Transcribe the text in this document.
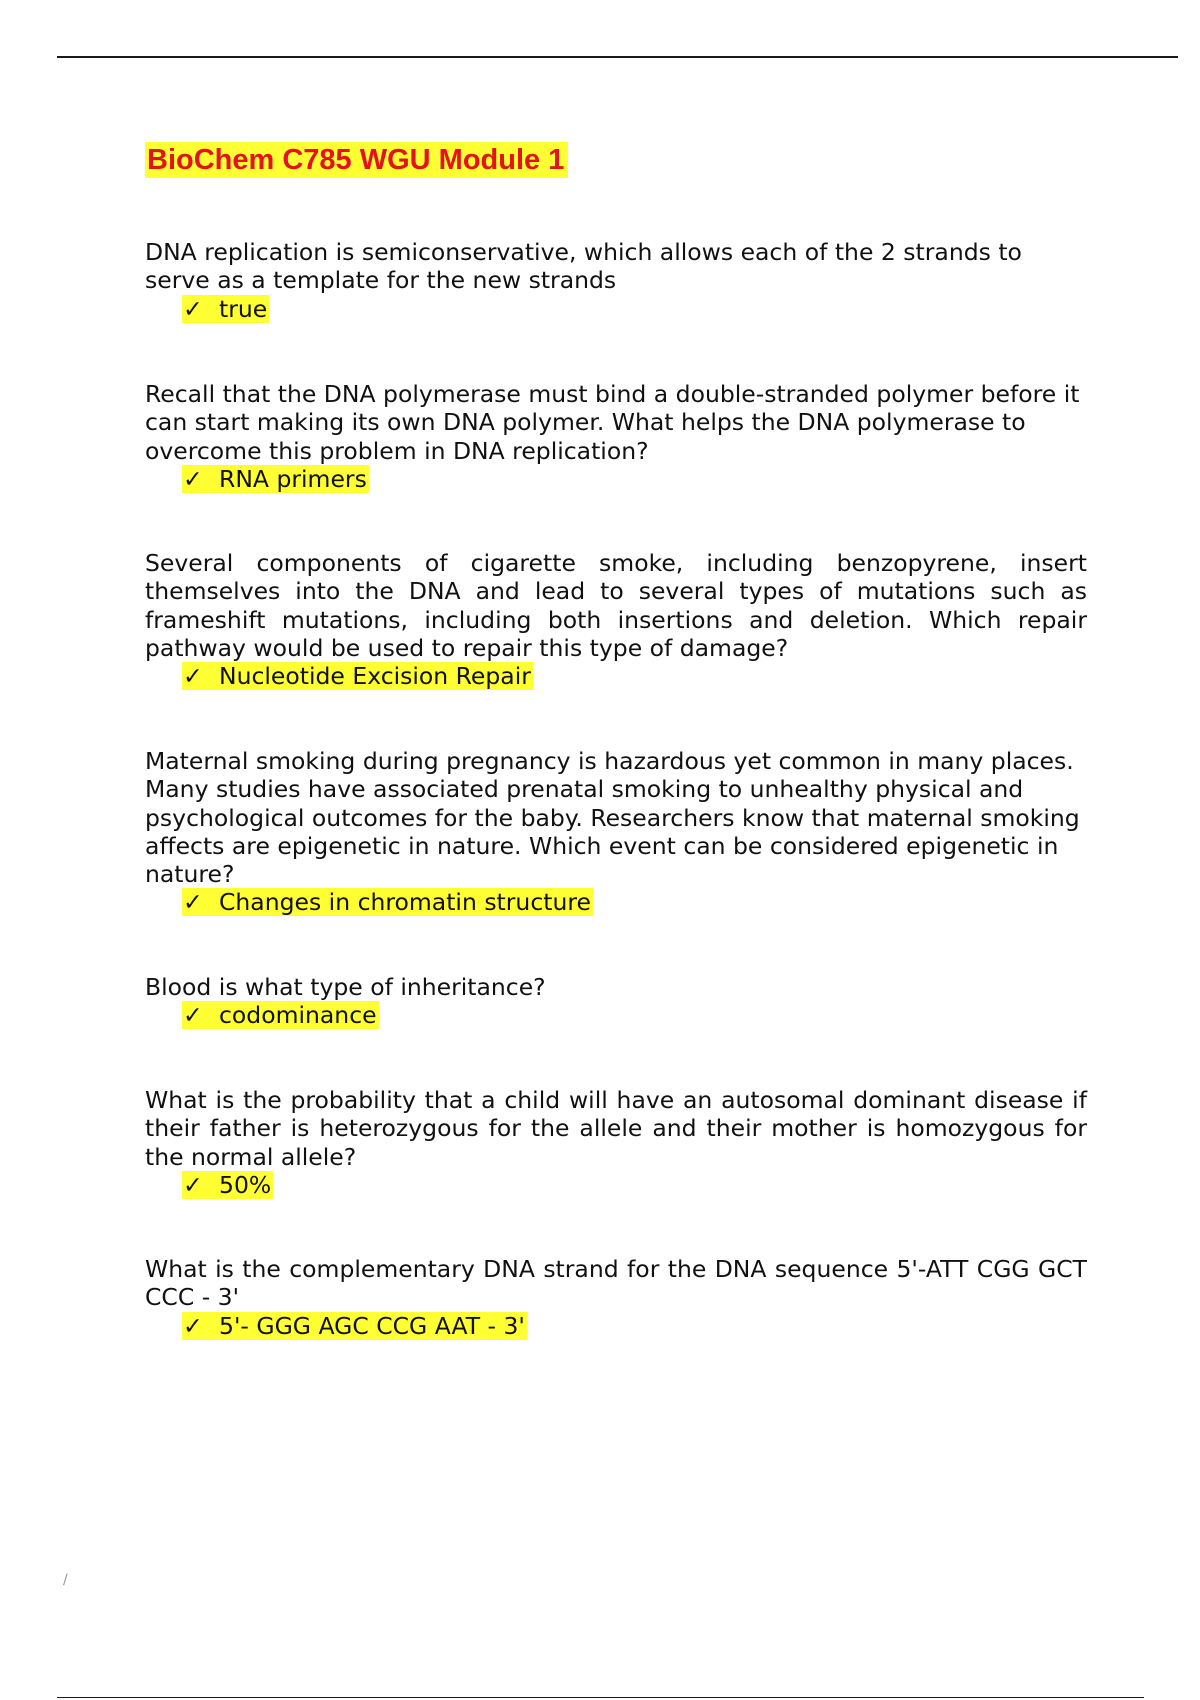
BioChem C785 WGU Module 1

DNA replication is semiconservative, which allows each of the 2 strands to serve as a template for the new strands

✓ true

Recall that the DNA polymerase must bind a double-stranded polymer before it can start making its own DNA polymer. What helps the DNA polymerase to overcome this problem in DNA replication?

✓ RNA primers

Several components of cigarette smoke, including benzopyrene, insert themselves into the DNA and lead to several types of mutations such as frameshift mutations, including both insertions and deletion. Which repair pathway would be used to repair this type of damage?

✓ Nucleotide Excision Repair

Maternal smoking during pregnancy is hazardous yet common in many places. Many studies have associated prenatal smoking to unhealthy physical and psychological outcomes for the baby. Researchers know that maternal smoking affects are epigenetic in nature. Which event can be considered epigenetic in nature?

✓ Changes in chromatin structure

Blood is what type of inheritance?

✓ codominance

What is the probability that a child will have an autosomal dominant disease if their father is heterozygous for the allele and their mother is homozygous for the normal allele?

✓ 50%

What is the complementary DNA strand for the DNA sequence 5'-ATT CGG GCT CCC - 3'

✓ 5'- GGG AGC CCG AAT - 3'
/
